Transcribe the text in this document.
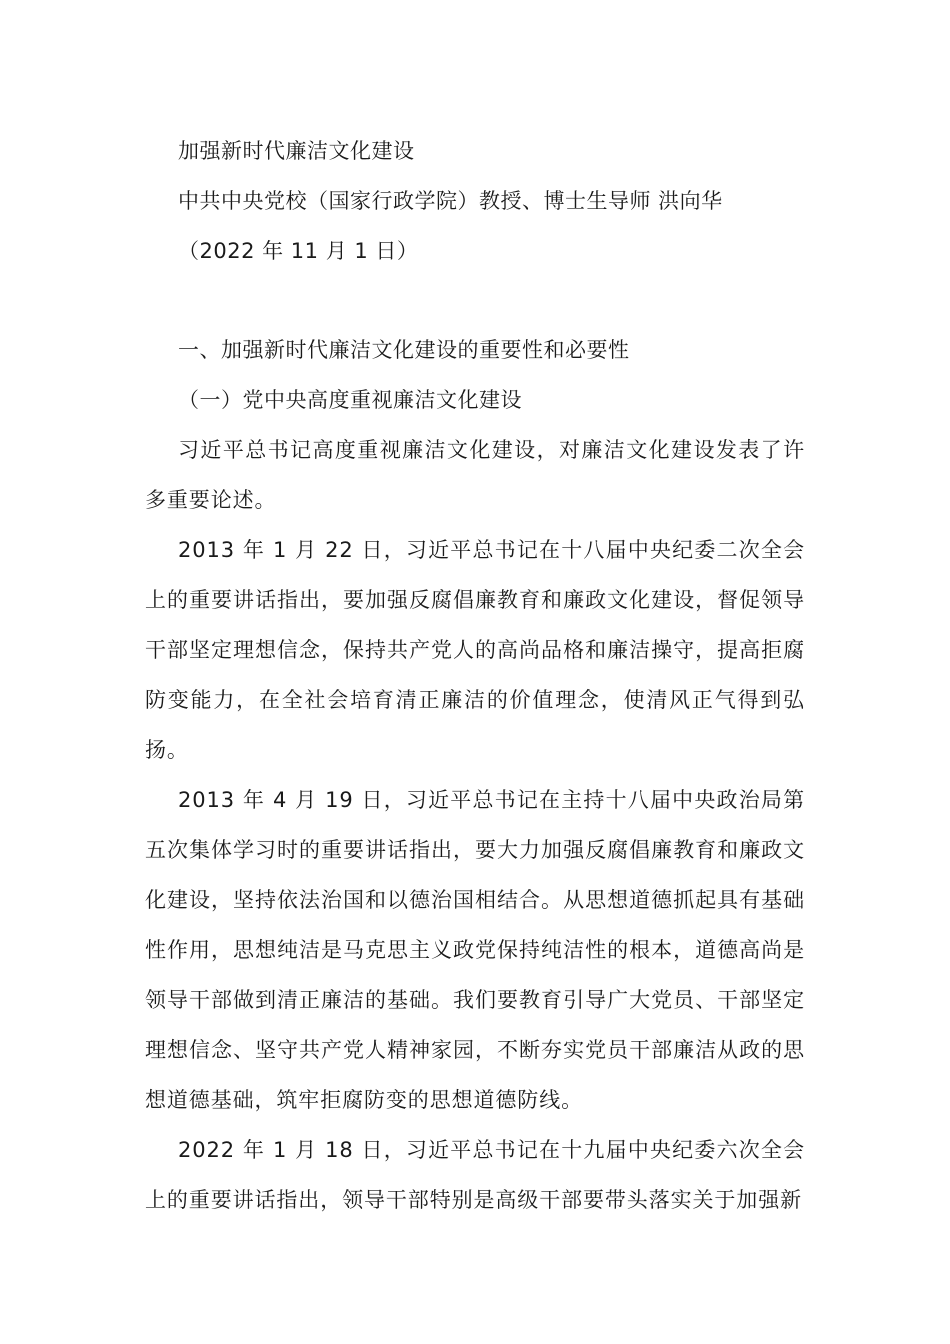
加强新时代廉洁文化建设
中共中央党校（国家行政学院）教授、博士生导师 洪向华
（2022 年 11 月 1 日）
一、加强新时代廉洁文化建设的重要性和必要性
（一）党中央高度重视廉洁文化建设

习近平总书记高度重视廉洁文化建设，对廉洁文化建设发表了许多重要论述。

2013 年 1 月 22 日，习近平总书记在十八届中央纪委二次全会上的重要讲话指出，要加强反腐倡廉教育和廉政文化建设，督促领导干部坚定理想信念，保持共产党人的高尚品格和廉洁操守，提高拒腐防变能力，在全社会培育清正廉洁的价值理念，使清风正气得到弘扬。

2013 年 4 月 19 日，习近平总书记在主持十八届中央政治局第五次集体学习时的重要讲话指出，要大力加强反腐倡廉教育和廉政文化建设，坚持依法治国和以德治国相结合。从思想道德抓起具有基础性作用，思想纯洁是马克思主义政党保持纯洁性的根本，道德高尚是领导干部做到清正廉洁的基础。我们要教育引导广大党员、干部坚定理想信念、坚守共产党人精神家园，不断夯实党员干部廉洁从政的思想道德基础，筑牢拒腐防变的思想道德防线。

2022 年 1 月 18 日，习近平总书记在十九届中央纪委六次全会上的重要讲话指出，领导干部特别是高级干部要带头落实关于加强新
